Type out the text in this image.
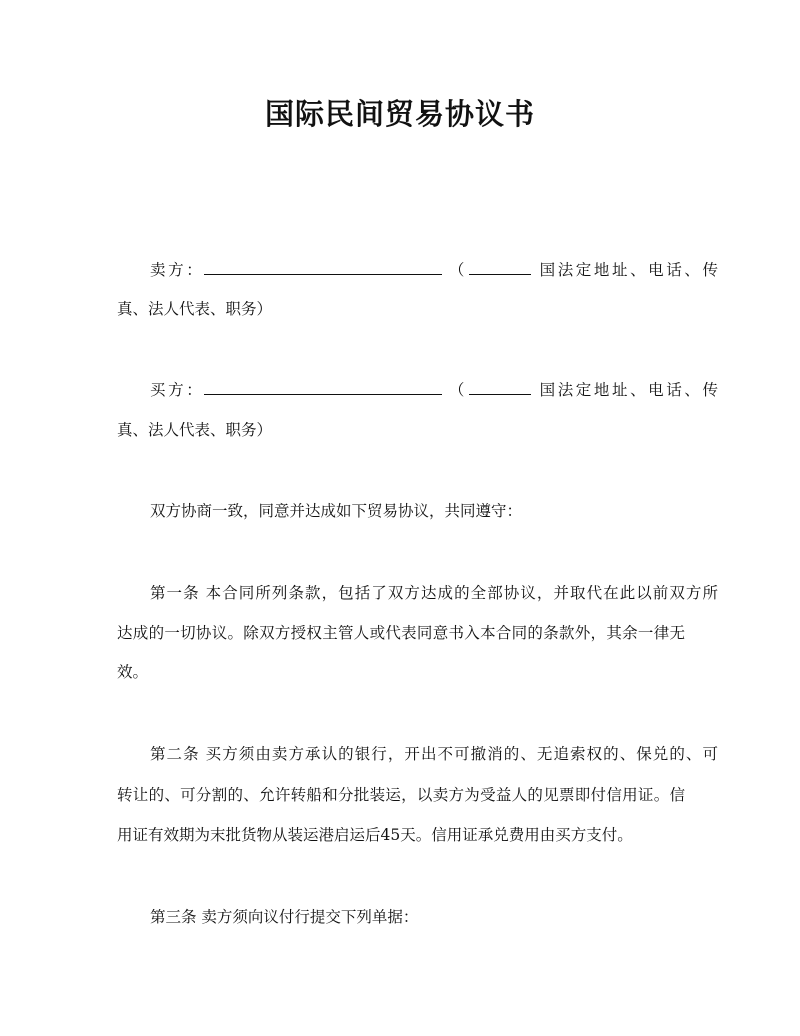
国际民间贸易协议书
卖方：	（	国法定地址、电话、传
真、法人代表、职务）
买方：	（	国法定地址、电话、传
真、法人代表、职务）
双方协商一致，同意并达成如下贸易协议，共同遵守：
第一条 本合同所列条款，包括了双方达成的全部协议，并取代在此以前双方所
达成的一切协议。除双方授权主管人或代表同意书入本合同的条款外，其余一律无
效。
第二条 买方须由卖方承认的银行，开出不可撤消的、无追索权的、保兑的、可
转让的、可分割的、允许转船和分批装运，以卖方为受益人的见票即付信用证。信
用证有效期为末批货物从装运港启运后45天。信用证承兑费用由买方支付。
第三条 卖方须向议付行提交下列单据：
